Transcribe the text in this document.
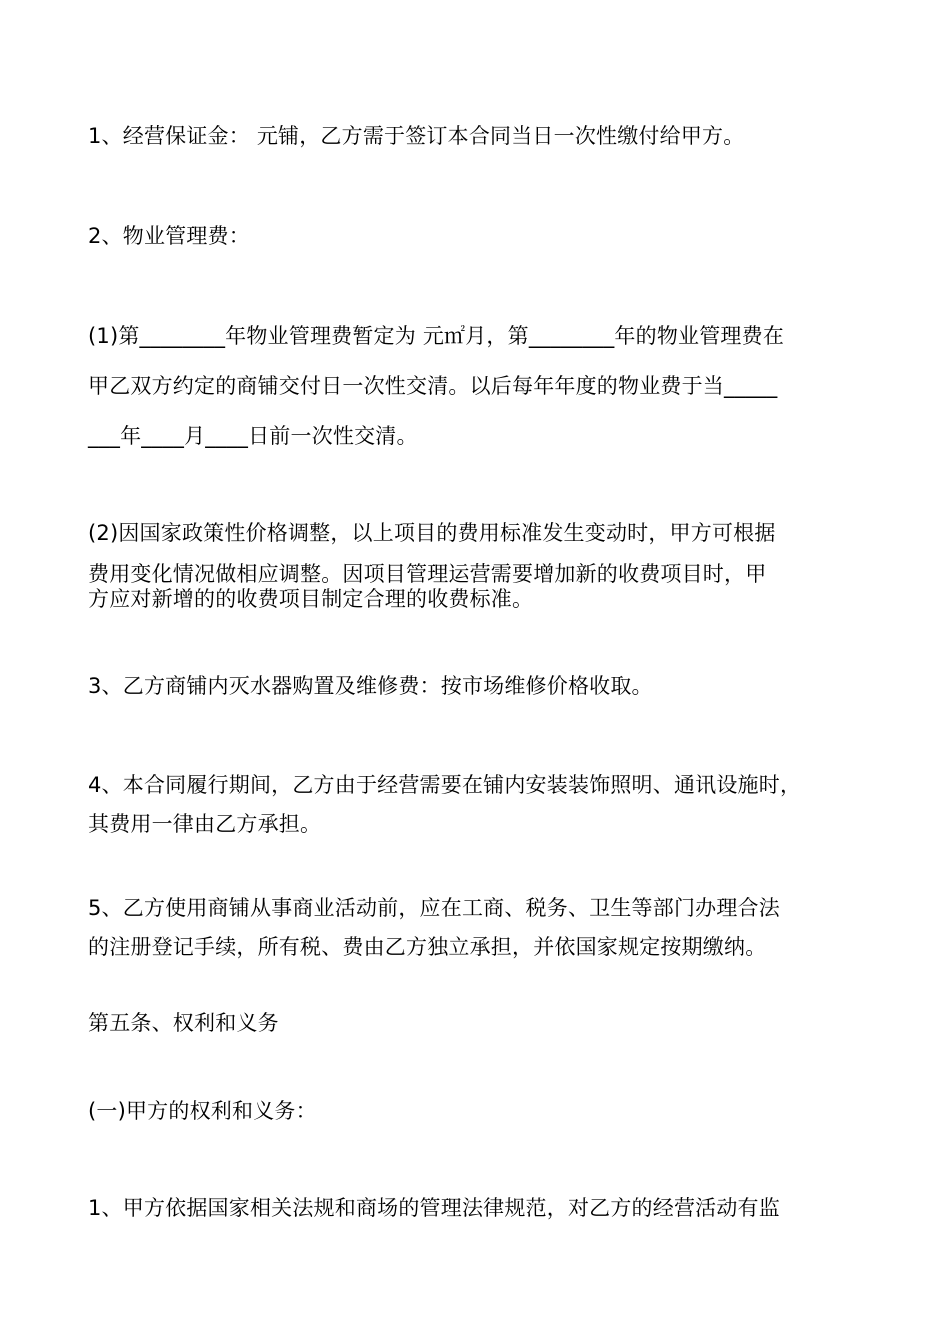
1、经营保证金： 元铺，乙方需于签订本合同当日一次性缴付给甲方。
2、物业管理费：
(1)第________年物业管理费暂定为 元㎡月，第________年的物业管理费在
甲乙双方约定的商铺交付日一次性交清。以后每年年度的物业费于当_____
___年____月____日前一次性交清。
(2)因国家政策性价格调整，以上项目的费用标准发生变动时，甲方可根据
费用变化情况做相应调整。因项目管理运营需要增加新的收费项目时，甲
方应对新增的的收费项目制定合理的收费标准。
3、乙方商铺内灭水器购置及维修费：按市场维修价格收取。
4、本合同履行期间，乙方由于经营需要在铺内安装装饰照明、通讯设施时，
其费用一律由乙方承担。
5、乙方使用商铺从事商业活动前，应在工商、税务、卫生等部门办理合法
的注册登记手续，所有税、费由乙方独立承担，并依国家规定按期缴纳。
第五条、权利和义务
(一)甲方的权利和义务：
1、甲方依据国家相关法规和商场的管理法律规范，对乙方的经营活动有监
